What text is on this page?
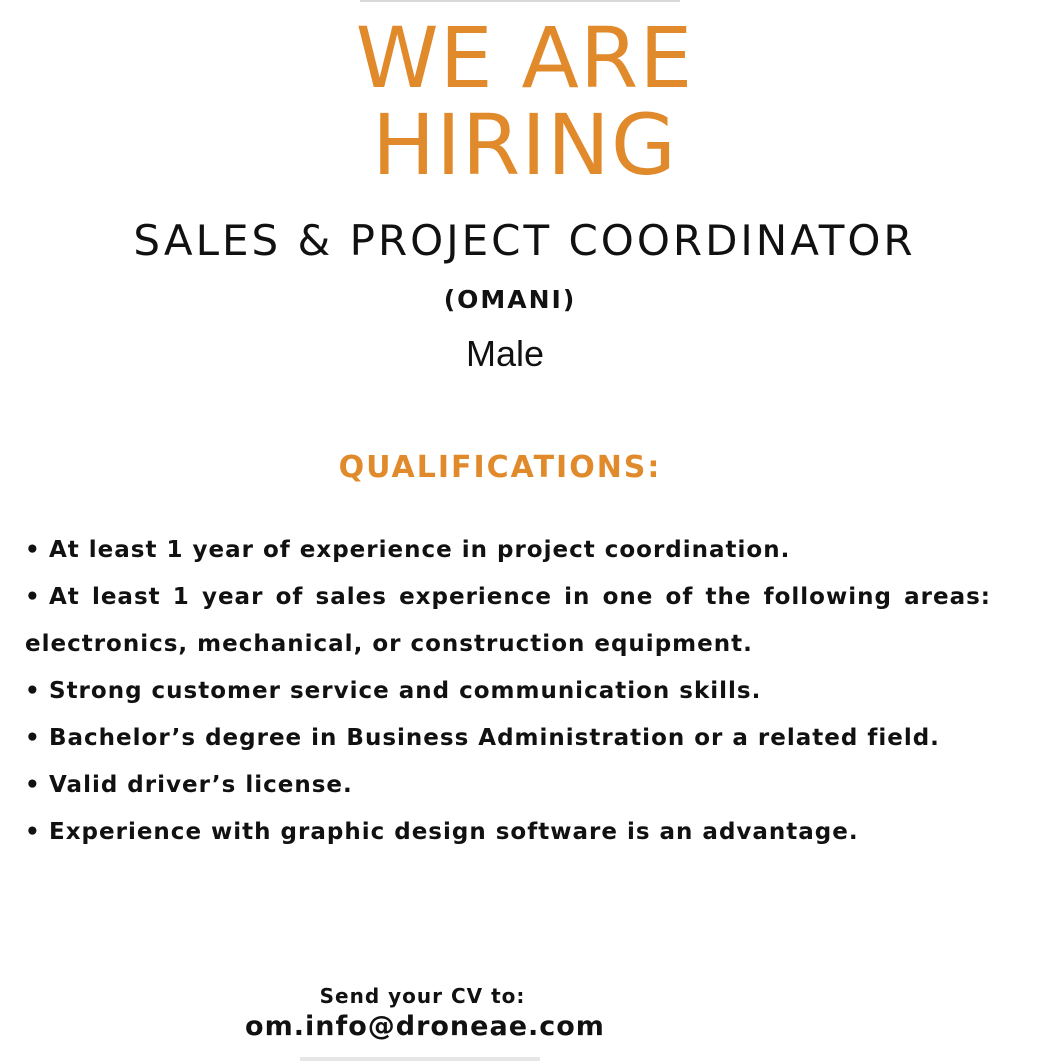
WE ARE
HIRING
SALES & PROJECT COORDINATOR
(OMANI)
Male
QUALIFICATIONS:
• At least 1 year of experience in project coordination.
• At least 1 year of sales experience in one of the following areas: electronics, mechanical, or construction equipment.
• Strong customer service and communication skills.
• Bachelor’s degree in Business Administration or a related field.
• Valid driver’s license.
• Experience with graphic design software is an advantage.
Send your CV to:
om.info@droneae.com
